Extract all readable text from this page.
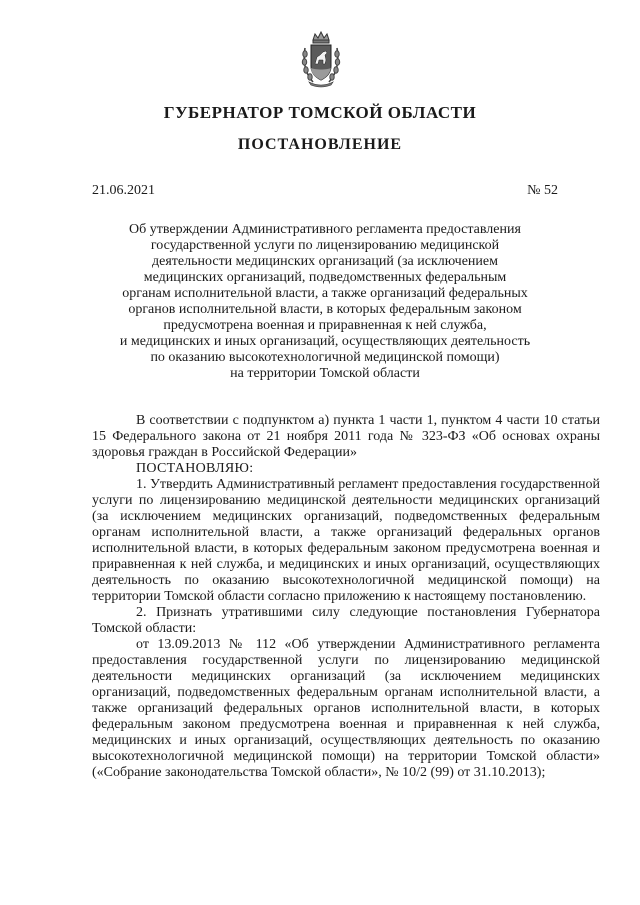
ГУБЕРНАТОР ТОМСКОЙ ОБЛАСТИ
ПОСТАНОВЛЕНИЕ
21.06.2021	№ 52

Об утверждении Административного регламента предоставления
государственной услуги по лицензированию медицинской
деятельности медицинских организаций (за исключением
медицинских организаций, подведомственных федеральным
органам исполнительной власти, а также организаций федеральных
органов исполнительной власти, в которых федеральным законом
предусмотрена военная и приравненная к ней служба,
и медицинских и иных организаций, осуществляющих деятельность
по оказанию высокотехнологичной медицинской помощи)
на территории Томской области

В соответствии с подпунктом а) пункта 1 части 1, пунктом 4 части 10 статьи 15 Федерального закона от 21 ноября 2011 года № 323-ФЗ «Об основах охраны здоровья граждан в Российской Федерации»

ПОСТАНОВЛЯЮ:

1. Утвердить Административный регламент предоставления государственной услуги по лицензированию медицинской деятельности медицинских организаций (за исключением медицинских организаций, подведомственных федеральным органам исполнительной власти, а также организаций федеральных органов исполнительной власти, в которых федеральным законом предусмотрена военная и приравненная к ней служба, и медицинских и иных организаций, осуществляющих деятельность по оказанию высокотехнологичной медицинской помощи) на территории Томской области согласно приложению к настоящему постановлению.

2. Признать утратившими силу следующие постановления Губернатора Томской области:

от 13.09.2013 № 112 «Об утверждении Административного регламента предоставления государственной услуги по лицензированию медицинской деятельности медицинских организаций (за исключением медицинских организаций, подведомственных федеральным органам исполнительной власти, а также организаций федеральных органов исполнительной власти, в которых федеральным законом предусмотрена военная и приравненная к ней служба, медицинских и иных организаций, осуществляющих деятельность по оказанию высокотехнологичной медицинской помощи) на территории Томской области» («Собрание законодательства Томской области», № 10/2 (99) от 31.10.2013);
